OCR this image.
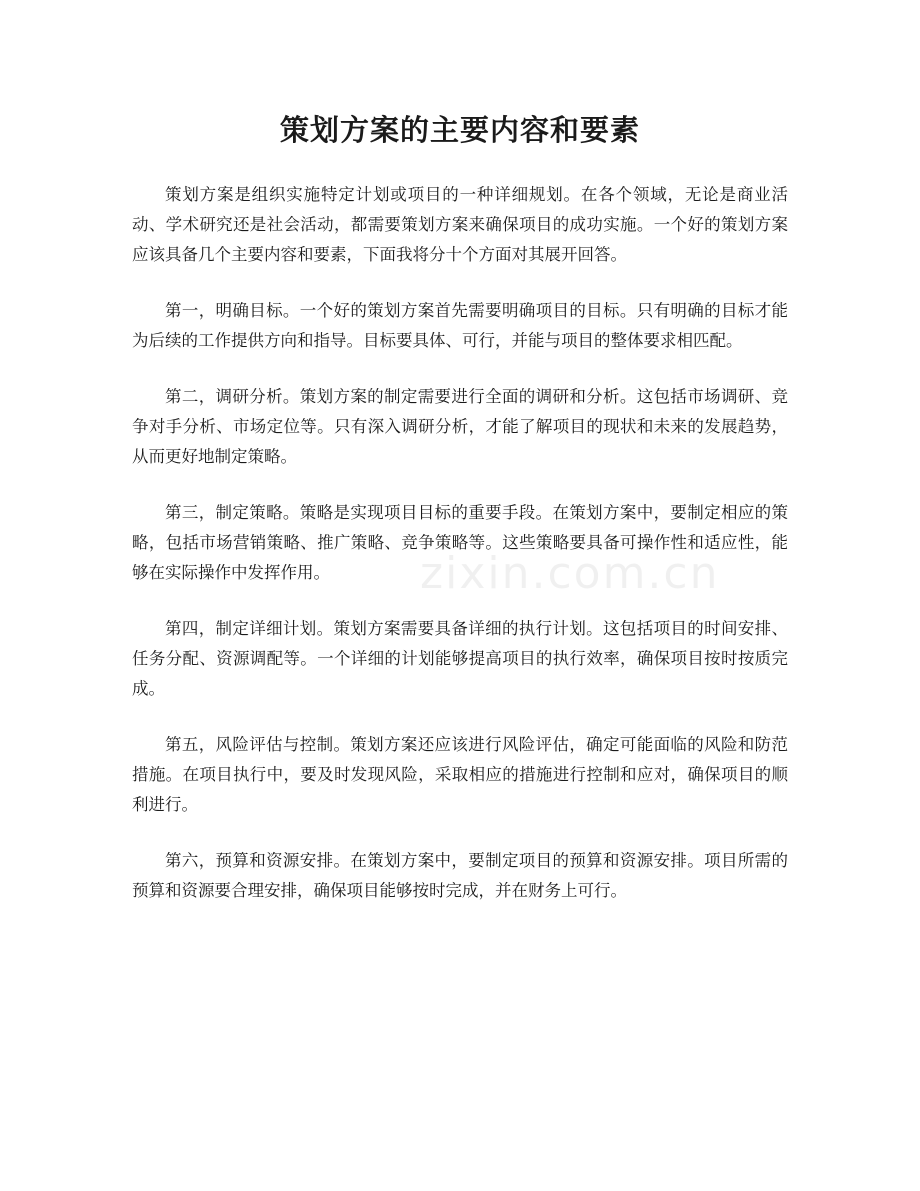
策划方案的主要内容和要素

策划方案是组织实施特定计划或项目的一种详细规划。在各个领域，无论是商业活动、学术研究还是社会活动，都需要策划方案来确保项目的成功实施。一个好的策划方案应该具备几个主要内容和要素，下面我将分十个方面对其展开回答。

第一，明确目标。一个好的策划方案首先需要明确项目的目标。只有明确的目标才能为后续的工作提供方向和指导。目标要具体、可行，并能与项目的整体要求相匹配。

第二，调研分析。策划方案的制定需要进行全面的调研和分析。这包括市场调研、竞争对手分析、市场定位等。只有深入调研分析，才能了解项目的现状和未来的发展趋势，从而更好地制定策略。

第三，制定策略。策略是实现项目目标的重要手段。在策划方案中，要制定相应的策略，包括市场营销策略、推广策略、竞争策略等。这些策略要具备可操作性和适应性，能够在实际操作中发挥作用。

第四，制定详细计划。策划方案需要具备详细的执行计划。这包括项目的时间安排、任务分配、资源调配等。一个详细的计划能够提高项目的执行效率，确保项目按时按质完成。

第五，风险评估与控制。策划方案还应该进行风险评估，确定可能面临的风险和防范措施。在项目执行中，要及时发现风险，采取相应的措施进行控制和应对，确保项目的顺利进行。

第六，预算和资源安排。在策划方案中，要制定项目的预算和资源安排。项目所需的预算和资源要合理安排，确保项目能够按时完成，并在财务上可行。

zixin.com.cn
